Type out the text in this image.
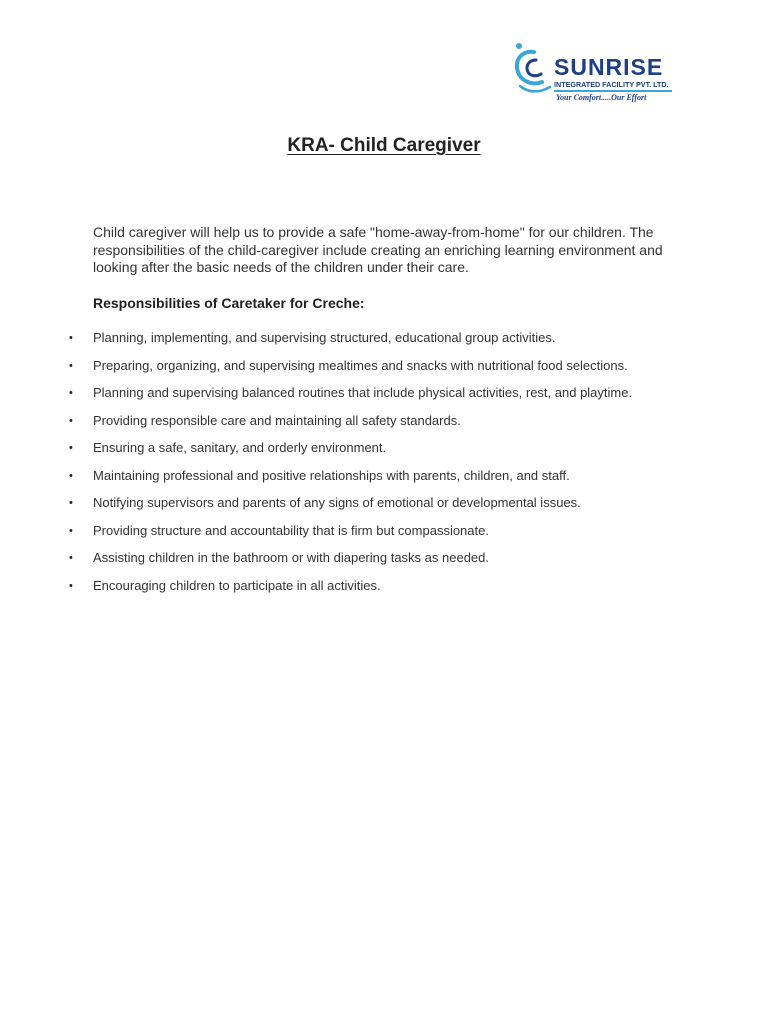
SUNRISE
INTEGRATED FACILITY PVT. LTD.
Your Comfort.....Our Effort
KRA- Child Caregiver

Child caregiver will help us to provide a safe "home-away-from-home" for our children. The responsibilities of the child-caregiver include creating an enriching learning environment and looking after the basic needs of the children under their care.

Responsibilities of Caretaker for Creche:
• Planning, implementing, and supervising structured, educational group activities.
• Preparing, organizing, and supervising mealtimes and snacks with nutritional food selections.
• Planning and supervising balanced routines that include physical activities, rest, and playtime.
• Providing responsible care and maintaining all safety standards.
• Ensuring a safe, sanitary, and orderly environment.
• Maintaining professional and positive relationships with parents, children, and staff.
• Notifying supervisors and parents of any signs of emotional or developmental issues.
• Providing structure and accountability that is firm but compassionate.
• Assisting children in the bathroom or with diapering tasks as needed.
• Encouraging children to participate in all activities.
